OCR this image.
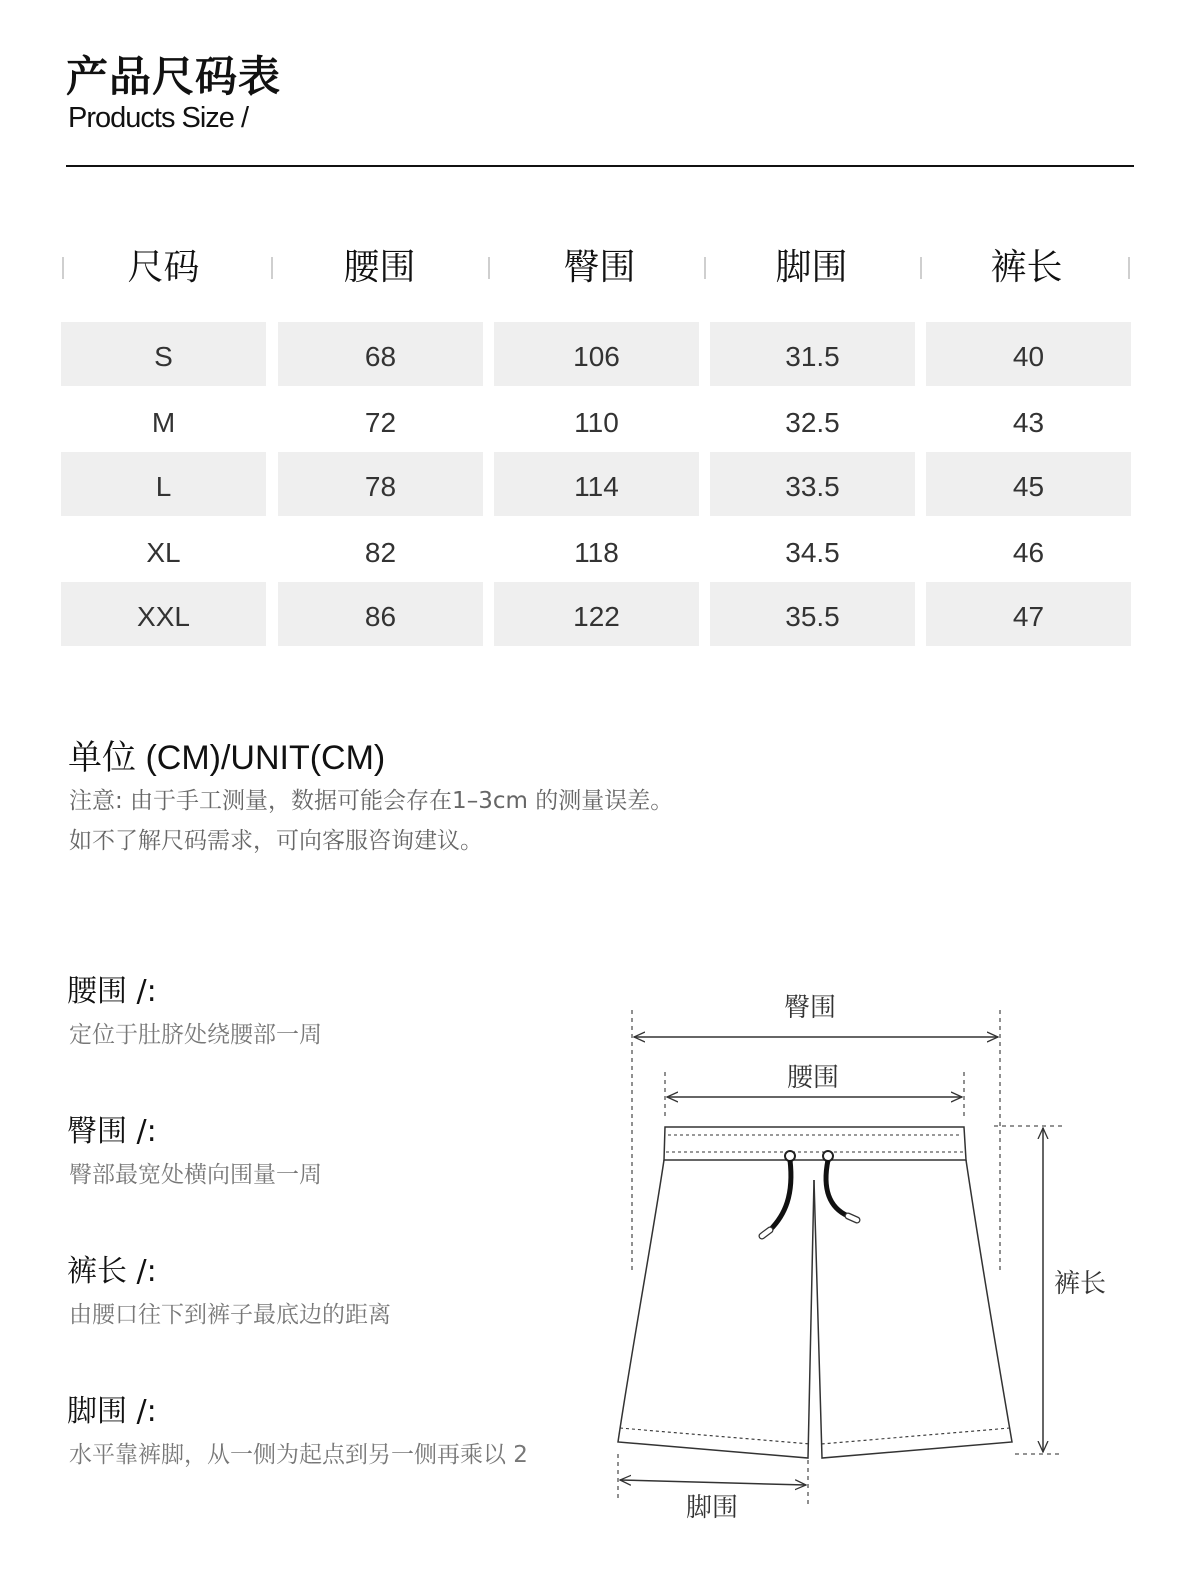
产品尺码表
Products Size /
尺码	腰围	臀围	脚围	裤长
S	68	106	31.5	40
M	72	110	32.5	43
L	78	114	33.5	45
XL	82	118	34.5	46
XXL	86	122	35.5	47
单位 (CM)/UNIT(CM)
注意: 由于手工测量，数据可能会存在1–3cm 的测量误差。
如不了解尺码需求，可向客服咨询建议。
腰围 /:
定位于肚脐处绕腰部一周
臀围 /:
臀部最宽处横向围量一周
裤长 /:
由腰口往下到裤子最底边的距离
脚围 /:
水平靠裤脚，从一侧为起点到另一侧再乘以 2
臀围
腰围
裤长
脚围
